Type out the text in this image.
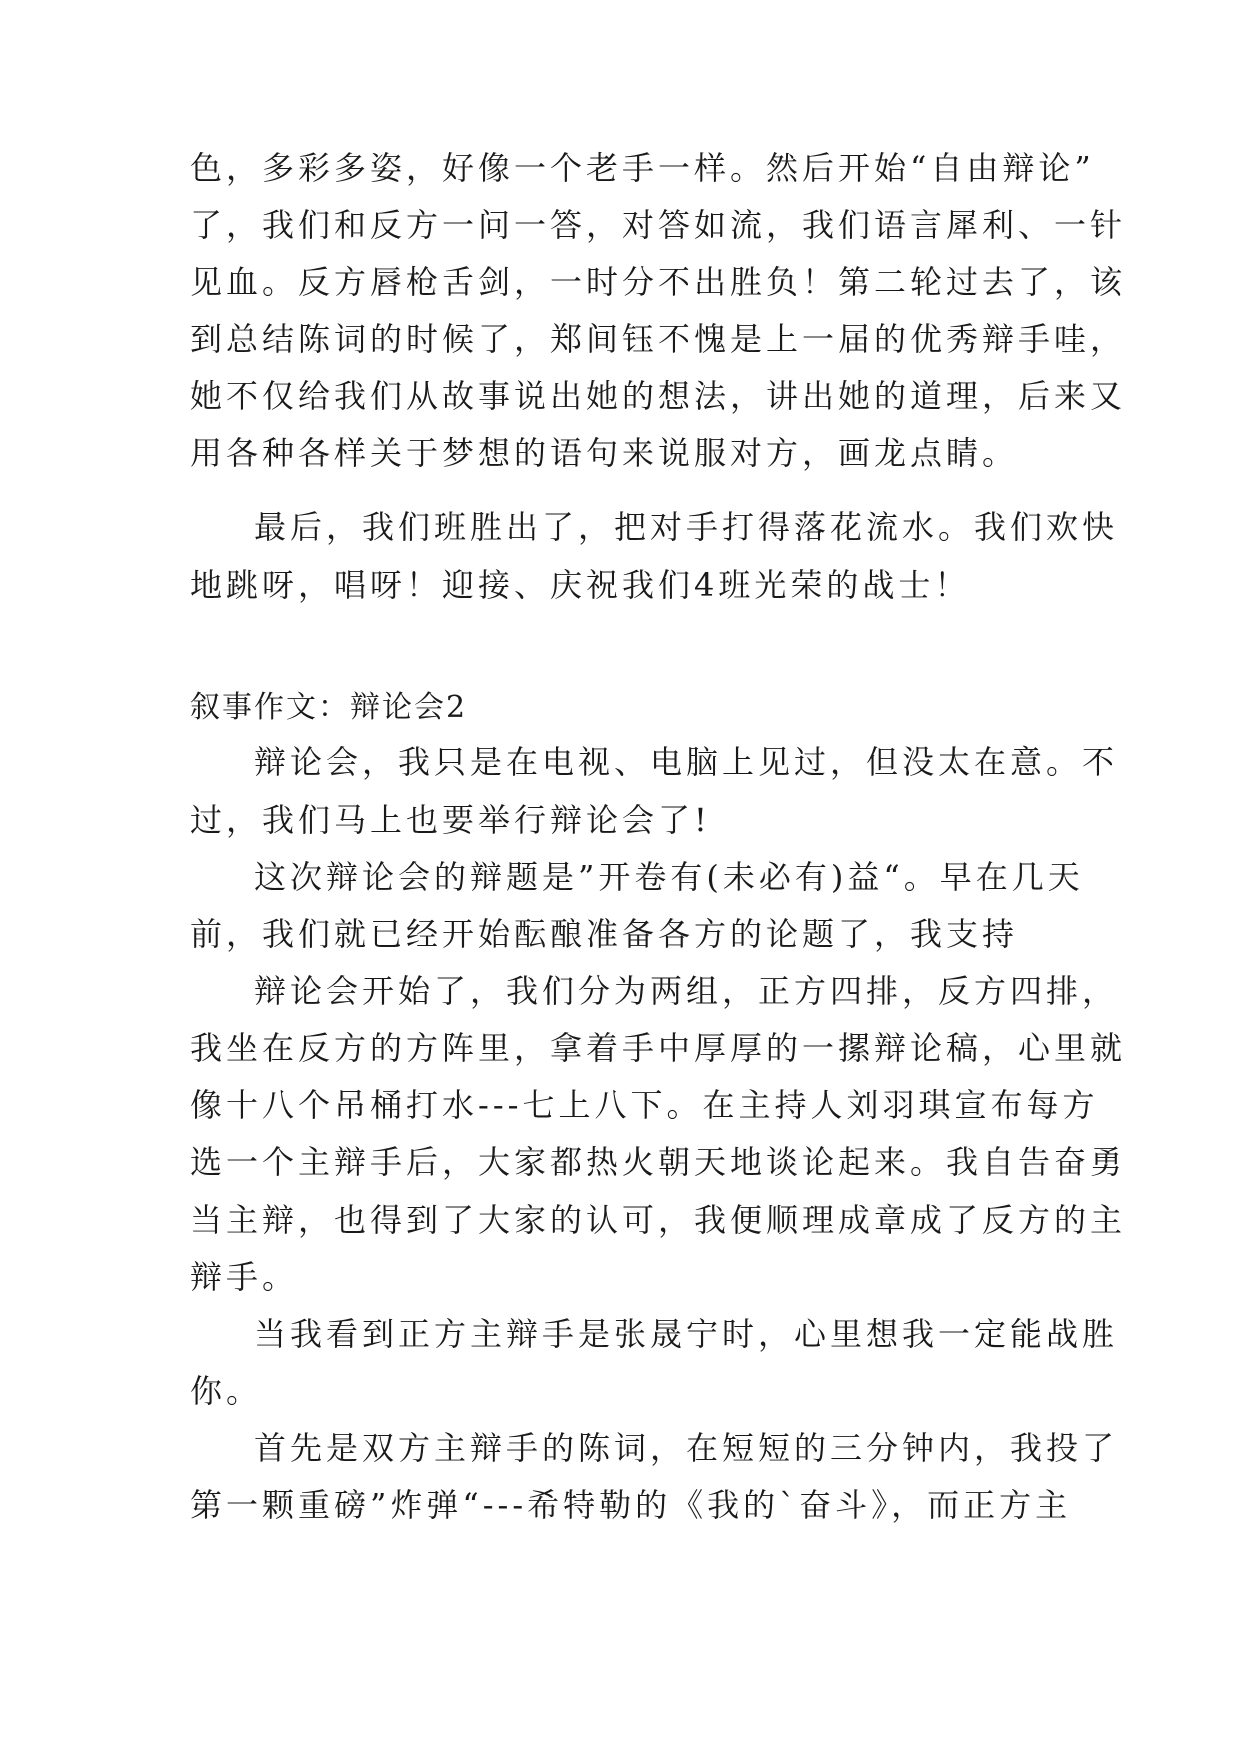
色，多彩多姿，好像一个老手一样。然后开始“自由辩论”
了，我们和反方一问一答，对答如流，我们语言犀利、一针
见血。反方唇枪舌剑，一时分不出胜负！第二轮过去了，该
到总结陈词的时候了，郑间钰不愧是上一届的优秀辩手哇，
她不仅给我们从故事说出她的想法，讲出她的道理，后来又
用各种各样关于梦想的语句来说服对方，画龙点睛。
最后，我们班胜出了，把对手打得落花流水。我们欢快
地跳呀，唱呀！迎接、庆祝我们4班光荣的战士！
叙事作文：辩论会2
辩论会，我只是在电视、电脑上见过，但没太在意。不
过，我们马上也要举行辩论会了!
这次辩论会的辩题是”开卷有(未必有)益“。早在几天
前，我们就已经开始酝酿准备各方的论题了，我支持
辩论会开始了，我们分为两组，正方四排，反方四排，
我坐在反方的方阵里，拿着手中厚厚的一摞辩论稿，心里就
像十八个吊桶打水---七上八下。在主持人刘羽琪宣布每方
选一个主辩手后，大家都热火朝天地谈论起来。我自告奋勇
当主辩，也得到了大家的认可，我便顺理成章成了反方的主
辩手。
当我看到正方主辩手是张晟宁时，心里想我一定能战胜
你。
首先是双方主辩手的陈词，在短短的三分钟内，我投了
第一颗重磅”炸弹“---希特勒的《我的`奋斗》，而正方主
